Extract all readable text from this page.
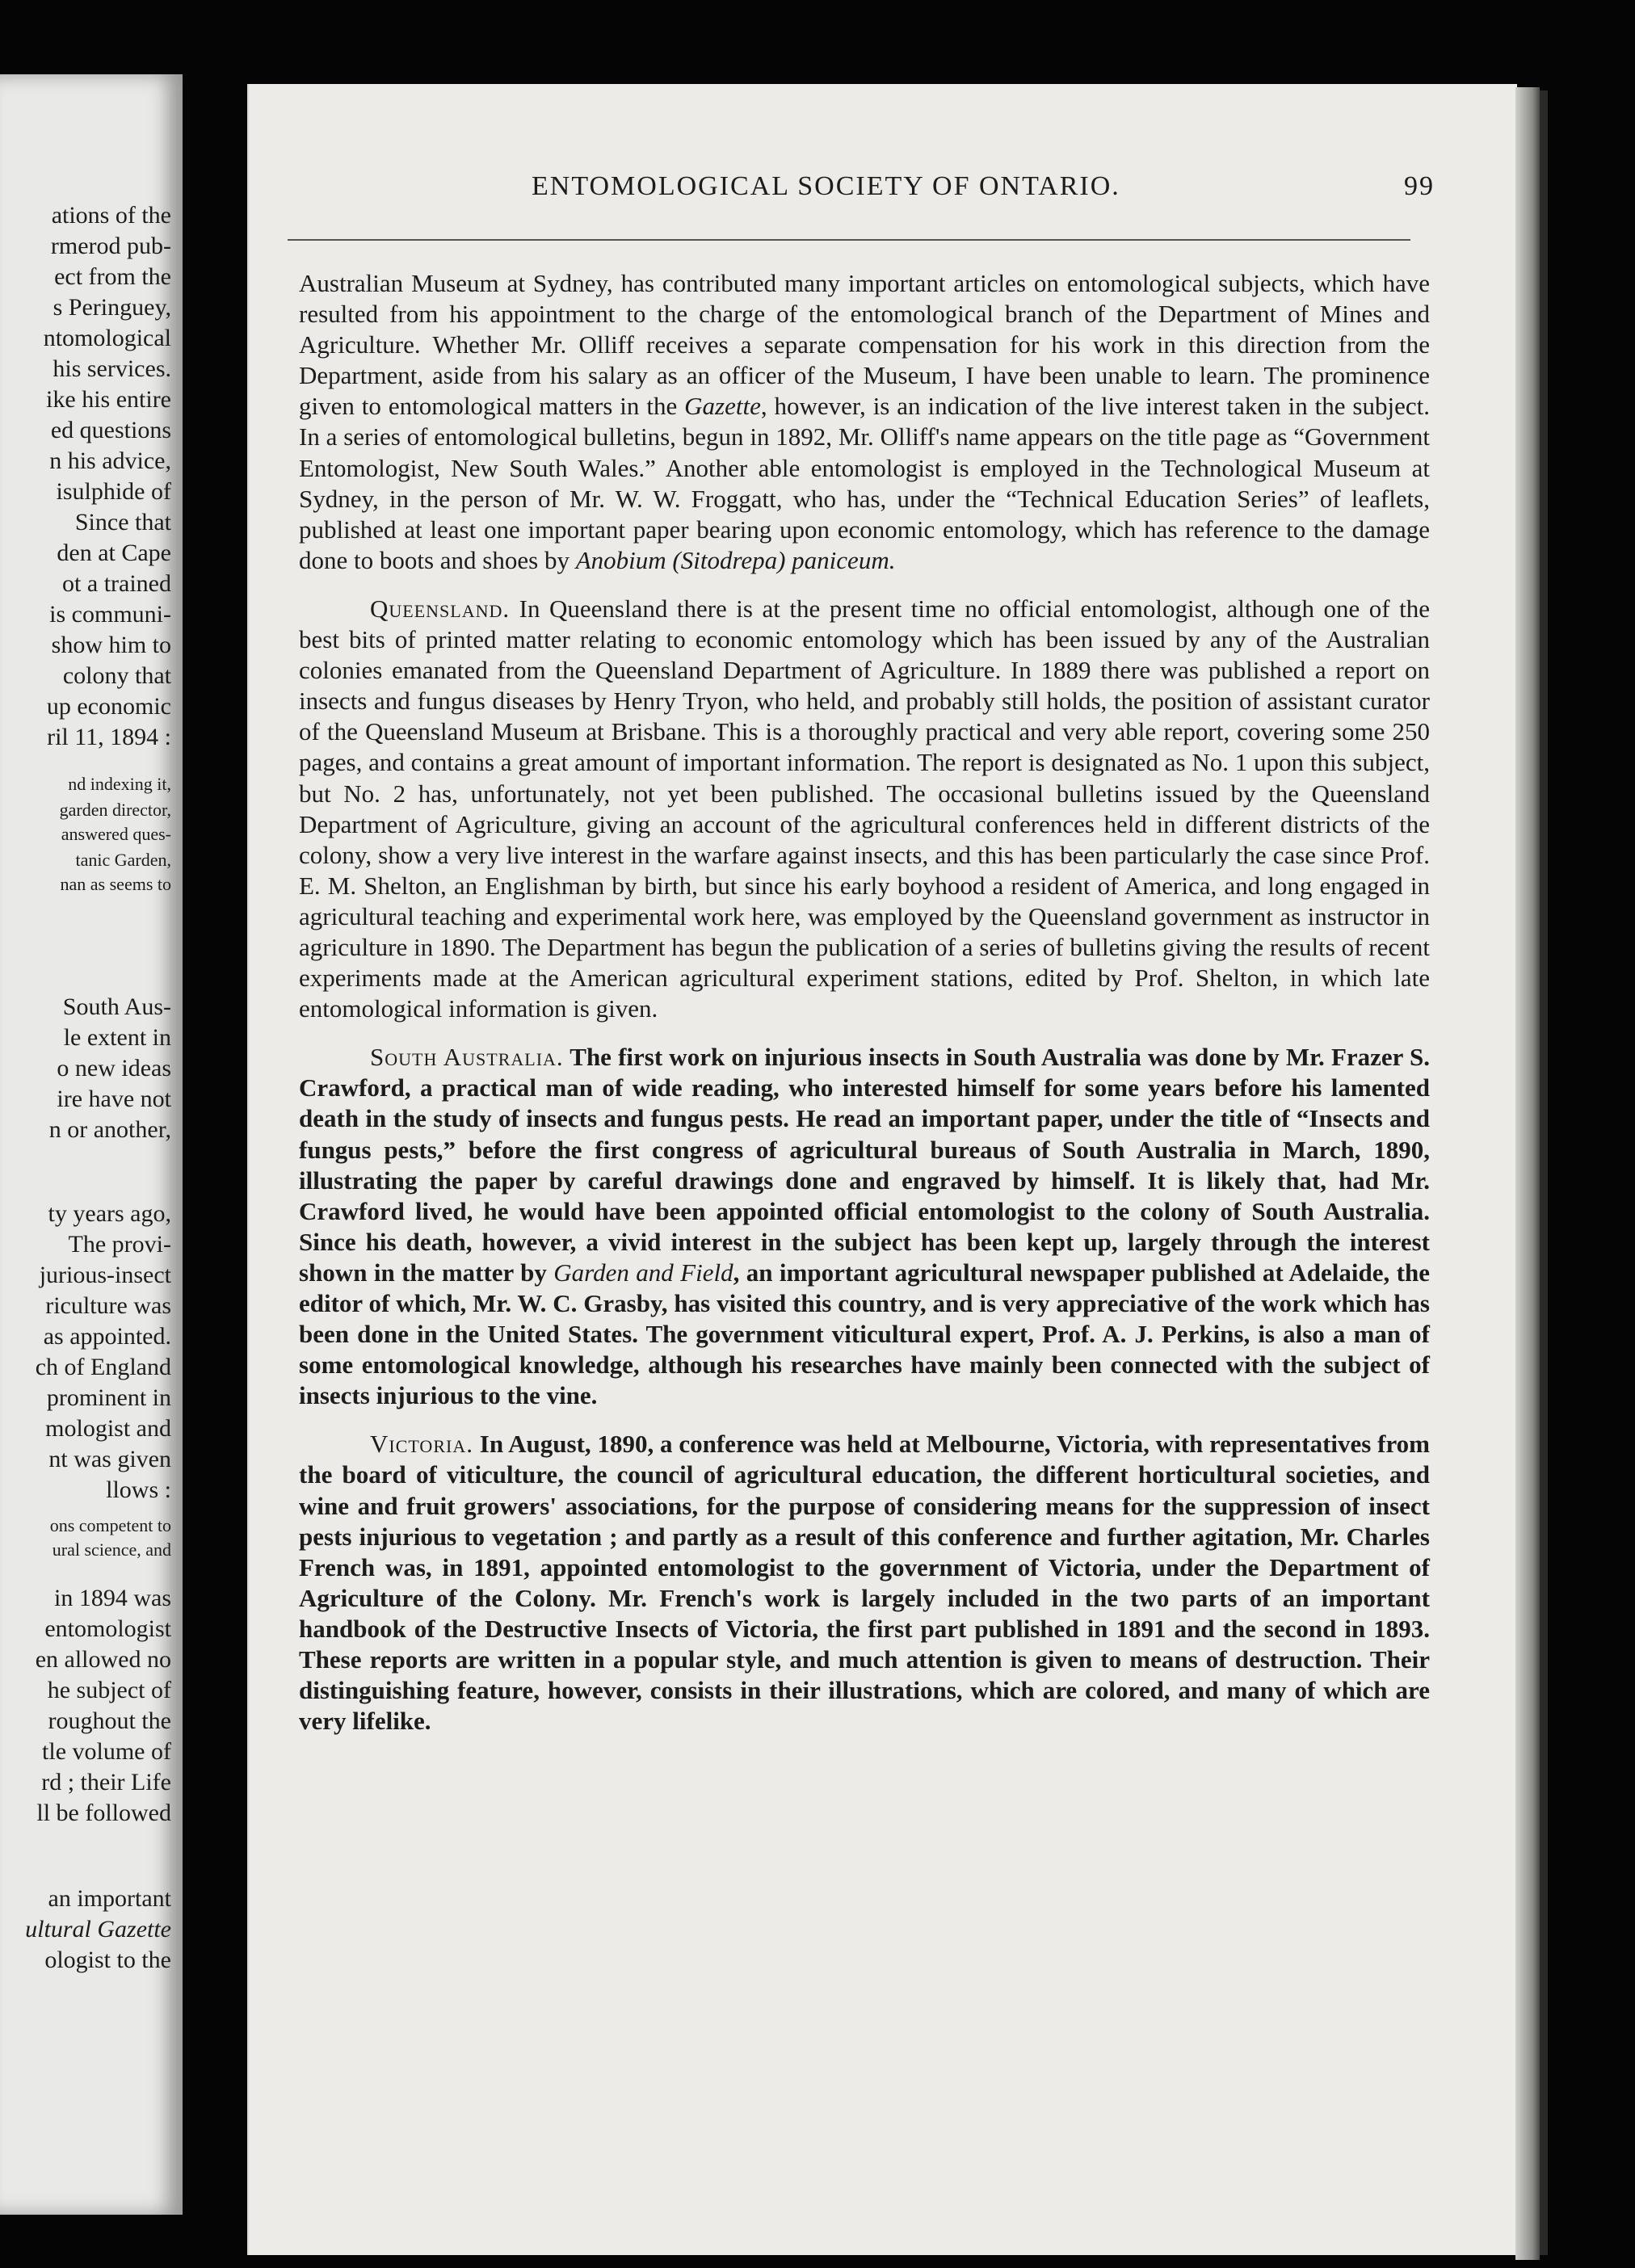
ations of the
rmerod pub-
ect from the
s Peringuey,
ntomological
his services.
ike his entire
ed questions
n his advice,
isulphide of
Since that
den at Cape
ot a trained
is communi-
show him to
colony that
up economic
ril 11, 1894 :
nd indexing it,
garden director,
answered ques-
tanic Garden,
nan as seems to
South Aus-
le extent in
o new ideas
ire have not
n or another,
ty years ago,
The provi-
jurious-insect
riculture was
as appointed.
ch of England
prominent in
mologist and
nt was given
llows :
ons competent to
ural science, and
in 1894 was
entomologist
en allowed no
he subject of
roughout the
tle volume of
rd ; their Life
ll be followed
an important
ultural Gazette
ologist to the
ENTOMOLOGICAL SOCIETY OF ONTARIO.	99

Australian Museum at Sydney, has contributed many important articles on entomological subjects, which have resulted from his appointment to the charge of the entomological branch of the Department of Mines and Agriculture. Whether Mr. Olliff receives a separate compensation for his work in this direction from the Department, aside from his salary as an officer of the Museum, I have been unable to learn. The prominence given to entomological matters in the Gazette, however, is an indication of the live interest taken in the subject. In a series of entomological bulletins, begun in 1892, Mr. Olliff's name appears on the title page as “Government Entomologist, New South Wales.” Another able entomologist is employed in the Technological Museum at Sydney, in the person of Mr. W. W. Froggatt, who has, under the “Technical Education Series” of leaflets, published at least one important paper bearing upon economic entomology, which has reference to the damage done to boots and shoes by Anobium (Sitodrepa) paniceum.

Queensland. In Queensland there is at the present time no official entomologist, although one of the best bits of printed matter relating to economic entomology which has been issued by any of the Australian colonies emanated from the Queensland Department of Agriculture. In 1889 there was published a report on insects and fungus diseases by Henry Tryon, who held, and probably still holds, the position of assistant curator of the Queensland Museum at Brisbane. This is a thoroughly practical and very able report, covering some 250 pages, and contains a great amount of important information. The report is designated as No. 1 upon this subject, but No. 2 has, unfortunately, not yet been published. The occasional bulletins issued by the Queensland Department of Agriculture, giving an account of the agricultural conferences held in different districts of the colony, show a very live interest in the warfare against insects, and this has been particularly the case since Prof. E. M. Shelton, an Englishman by birth, but since his early boyhood a resident of America, and long engaged in agricultural teaching and experimental work here, was employed by the Queensland government as instructor in agriculture in 1890. The Department has begun the publication of a series of bulletins giving the results of recent experiments made at the American agricultural experiment stations, edited by Prof. Shelton, in which late entomological information is given.

South Australia. The first work on injurious insects in South Australia was done by Mr. Frazer S. Crawford, a practical man of wide reading, who interested himself for some years before his lamented death in the study of insects and fungus pests. He read an important paper, under the title of “Insects and fungus pests,” before the first congress of agricultural bureaus of South Australia in March, 1890, illustrating the paper by careful drawings done and engraved by himself. It is likely that, had Mr. Crawford lived, he would have been appointed official entomologist to the colony of South Australia. Since his death, however, a vivid interest in the subject has been kept up, largely through the interest shown in the matter by Garden and Field, an important agricultural newspaper published at Adelaide, the editor of which, Mr. W. C. Grasby, has visited this country, and is very appreciative of the work which has been done in the United States. The government viticultural expert, Prof. A. J. Perkins, is also a man of some entomological knowledge, although his researches have mainly been connected with the subject of insects injurious to the vine.

Victoria. In August, 1890, a conference was held at Melbourne, Victoria, with representatives from the board of viticulture, the council of agricultural education, the different horticultural societies, and wine and fruit growers' associations, for the purpose of considering means for the suppression of insect pests injurious to vegetation ; and partly as a result of this conference and further agitation, Mr. Charles French was, in 1891, appointed entomologist to the government of Victoria, under the Department of Agriculture of the Colony. Mr. French's work is largely included in the two parts of an important handbook of the Destructive Insects of Victoria, the first part published in 1891 and the second in 1893. These reports are written in a popular style, and much attention is given to means of destruction. Their distinguishing feature, however, consists in their illustrations, which are colored, and many of which are very lifelike.
